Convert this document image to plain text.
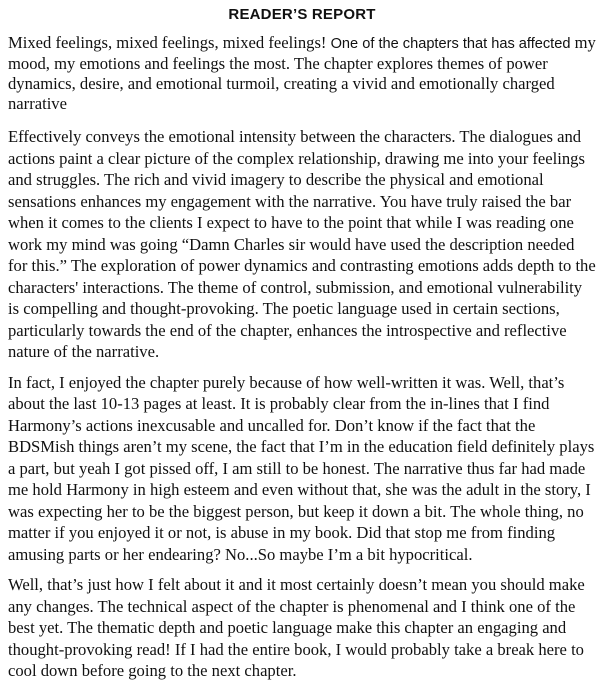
READER’S REPORT

Mixed feelings, mixed feelings, mixed feelings! One of the chapters that has affected my mood, my emotions and feelings the most. The chapter explores themes of power dynamics, desire, and emotional turmoil, creating a vivid and emotionally charged narrative

Effectively conveys the emotional intensity between the characters. The dialogues and actions paint a clear picture of the complex relationship, drawing me into your feelings and struggles. The rich and vivid imagery to describe the physical and emotional sensations enhances my engagement with the narrative. You have truly raised the bar when it comes to the clients I expect to have to the point that while I was reading one work my mind was going “Damn Charles sir would have used the description needed for this.” The exploration of power dynamics and contrasting emotions adds depth to the characters' interactions. The theme of control, submission, and emotional vulnerability is compelling and thought-provoking. The poetic language used in certain sections, particularly towards the end of the chapter, enhances the introspective and reflective nature of the narrative.

In fact, I enjoyed the chapter purely because of how well-written it was. Well, that’s about the last 10-13 pages at least. It is probably clear from the in-lines that I find Harmony’s actions inexcusable and uncalled for. Don’t know if the fact that the BDSMish things aren’t my scene, the fact that I’m in the education field definitely plays a part, but yeah I got pissed off, I am still to be honest. The narrative thus far had made me hold Harmony in high esteem and even without that, she was the adult in the story, I was expecting her to be the biggest person, but keep it down a bit. The whole thing, no matter if you enjoyed it or not, is abuse in my book. Did that stop me from finding amusing parts or her endearing? No...So maybe I’m a bit hypocritical.

Well, that’s just how I felt about it and it most certainly doesn’t mean you should make any changes. The technical aspect of the chapter is phenomenal and I think one of the best yet. The thematic depth and poetic language make this chapter an engaging and thought-provoking read! If I had the entire book, I would probably take a break here to cool down before going to the next chapter.
